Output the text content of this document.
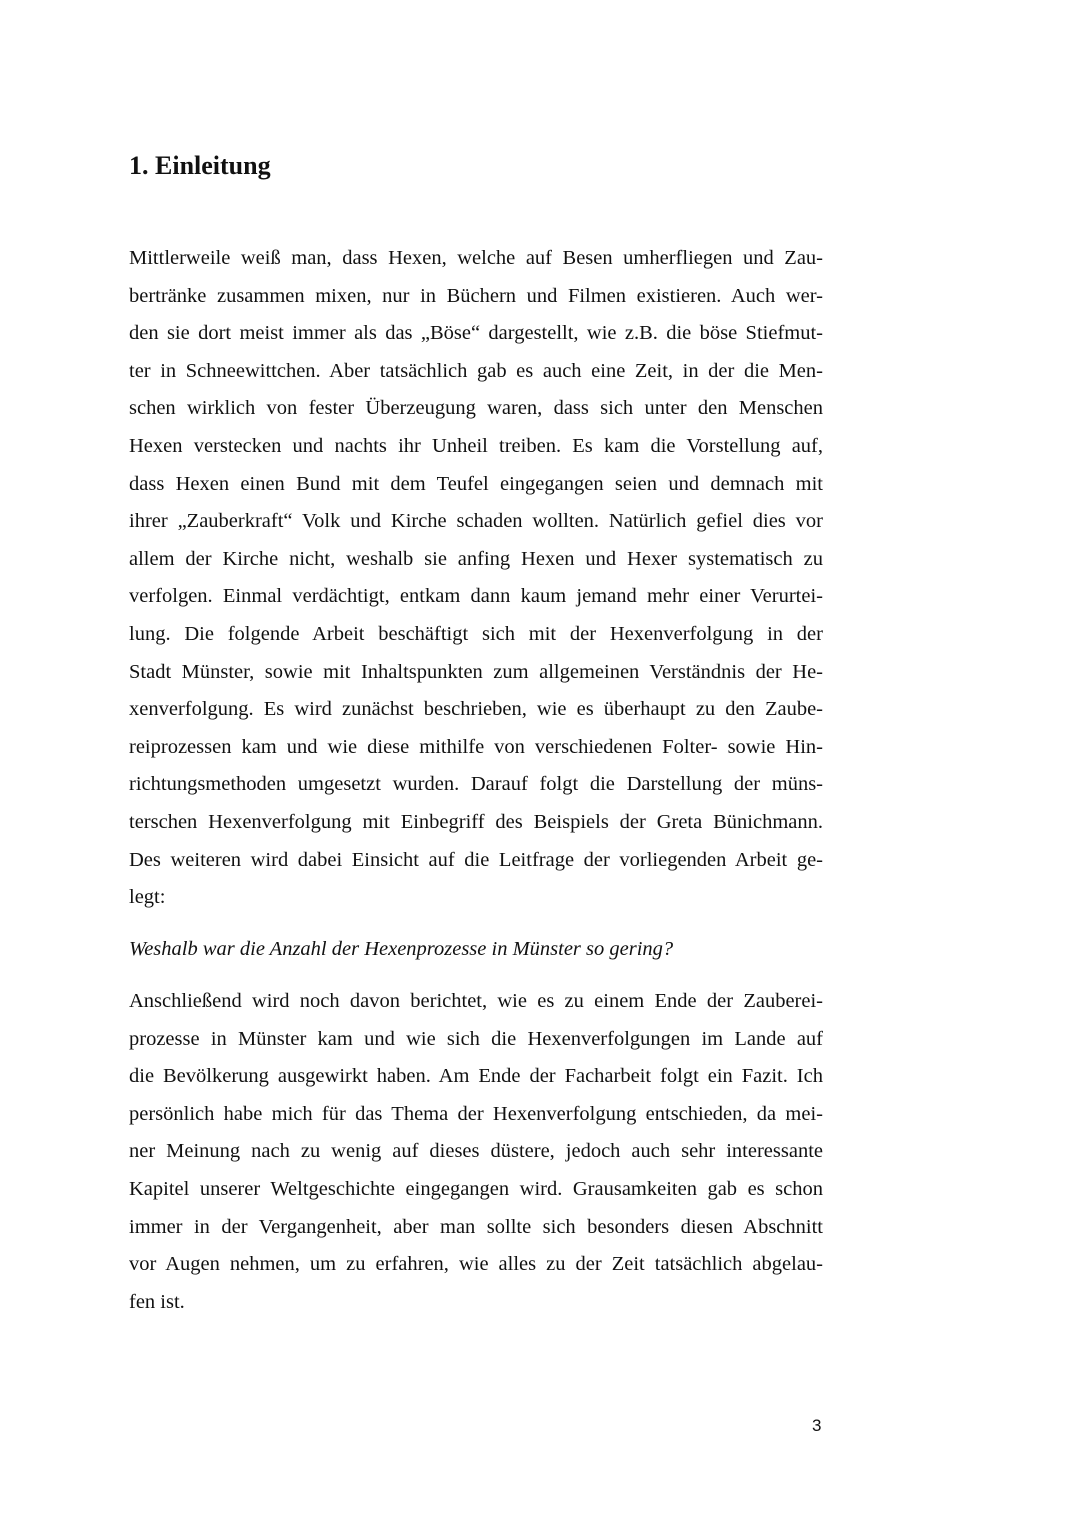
1. Einleitung
Mittlerweile weiß man, dass Hexen, welche auf Besen umherfliegen und Zau-
bertränke zusammen mixen, nur in Büchern und Filmen existieren. Auch wer-
den sie dort meist immer als das „Böse“ dargestellt, wie z.B. die böse Stiefmut-
ter in Schneewittchen. Aber tatsächlich gab es auch eine Zeit, in der die Men-
schen wirklich von fester Überzeugung waren, dass sich unter den Menschen
Hexen verstecken und nachts ihr Unheil treiben. Es kam die Vorstellung auf,
dass Hexen einen Bund mit dem Teufel eingegangen seien und demnach mit
ihrer „Zauberkraft“ Volk und Kirche schaden wollten. Natürlich gefiel dies vor
allem der Kirche nicht, weshalb sie anfing Hexen und Hexer systematisch zu
verfolgen. Einmal verdächtigt, entkam dann kaum jemand mehr einer Verurtei-
lung. Die folgende Arbeit beschäftigt sich mit der Hexenverfolgung in der
Stadt Münster, sowie mit Inhaltspunkten zum allgemeinen Verständnis der He-
xenverfolgung. Es wird zunächst beschrieben, wie es überhaupt zu den Zaube-
reiprozessen kam und wie diese mithilfe von verschiedenen Folter- sowie Hin-
richtungsmethoden umgesetzt wurden. Darauf folgt die Darstellung der müns-
terschen Hexenverfolgung mit Einbegriff des Beispiels der Greta Bünichmann.
Des weiteren wird dabei Einsicht auf die Leitfrage der vorliegenden Arbeit ge-
legt:
Weshalb war die Anzahl der Hexenprozesse in Münster so gering?
Anschließend wird noch davon berichtet, wie es zu einem Ende der Zauberei-
prozesse in Münster kam und wie sich die Hexenverfolgungen im Lande auf
die Bevölkerung ausgewirkt haben. Am Ende der Facharbeit folgt ein Fazit. Ich
persönlich habe mich für das Thema der Hexenverfolgung entschieden, da mei-
ner Meinung nach zu wenig auf dieses düstere, jedoch auch sehr interessante
Kapitel unserer Weltgeschichte eingegangen wird. Grausamkeiten gab es schon
immer in der Vergangenheit, aber man sollte sich besonders diesen Abschnitt
vor Augen nehmen, um zu erfahren, wie alles zu der Zeit tatsächlich abgelau-
fen ist.
3
